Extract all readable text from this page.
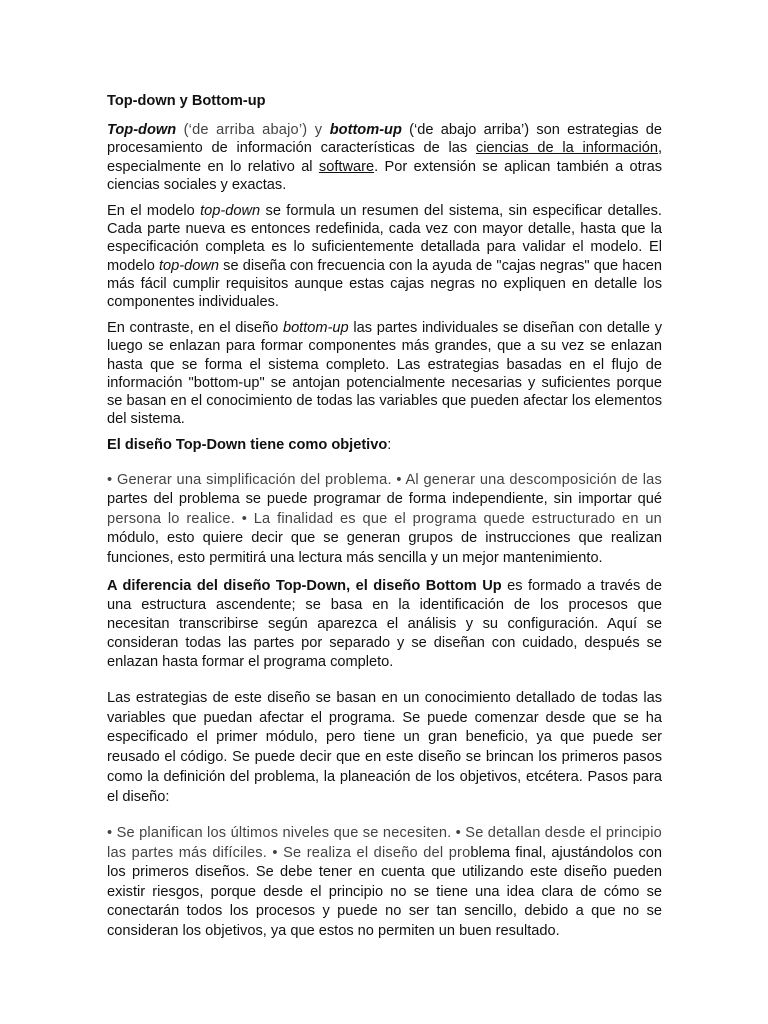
Top-down y Bottom-up

Top-down (‘de arriba abajo’) y bottom-up (‘de abajo arriba’) son estrategias de procesamiento de información características de las ciencias de la información, especialmente en lo relativo al software. Por extensión se aplican también a otras ciencias sociales y exactas.

En el modelo top-down se formula un resumen del sistema, sin especificar detalles. Cada parte nueva es entonces redefinida, cada vez con mayor detalle, hasta que la especificación completa es lo suficientemente detallada para validar el modelo. El modelo top-down se diseña con frecuencia con la ayuda de "cajas negras" que hacen más fácil cumplir requisitos aunque estas cajas negras no expliquen en detalle los componentes individuales.

En contraste, en el diseño bottom-up las partes individuales se diseñan con detalle y luego se enlazan para formar componentes más grandes, que a su vez se enlazan hasta que se forma el sistema completo. Las estrategias basadas en el flujo de información "bottom-up" se antojan potencialmente necesarias y suficientes porque se basan en el conocimiento de todas las variables que pueden afectar los elementos del sistema.

El diseño Top-Down tiene como objetivo:

• Generar una simplificación del problema. • Al generar una descomposición de las partes del problema se puede programar de forma independiente, sin importar qué persona lo realice. • La finalidad es que el programa quede estructurado en un módulo, esto quiere decir que se generan grupos de instrucciones que realizan funciones, esto permitirá una lectura más sencilla y un mejor mantenimiento.

A diferencia del diseño Top-Down, el diseño Bottom Up es formado a través de una estructura ascendente; se basa en la identificación de los procesos que necesitan transcribirse según aparezca el análisis y su configuración. Aquí se consideran todas las partes por separado y se diseñan con cuidado, después se enlazan hasta formar el programa completo.

Las estrategias de este diseño se basan en un conocimiento detallado de todas las variables que puedan afectar el programa. Se puede comenzar desde que se ha especificado el primer módulo, pero tiene un gran beneficio, ya que puede ser reusado el código. Se puede decir que en este diseño se brincan los primeros pasos como la definición del problema, la planeación de los objetivos, etcétera. Pasos para el diseño:

• Se planifican los últimos niveles que se necesiten. • Se detallan desde el principio las partes más difíciles. • Se realiza el diseño del problema final, ajustándolos con los primeros diseños. Se debe tener en cuenta que utilizando este diseño pueden existir riesgos, porque desde el principio no se tiene una idea clara de cómo se conectarán todos los procesos y puede no ser tan sencillo, debido a que no se consideran los objetivos, ya que estos no permiten un buen resultado.
